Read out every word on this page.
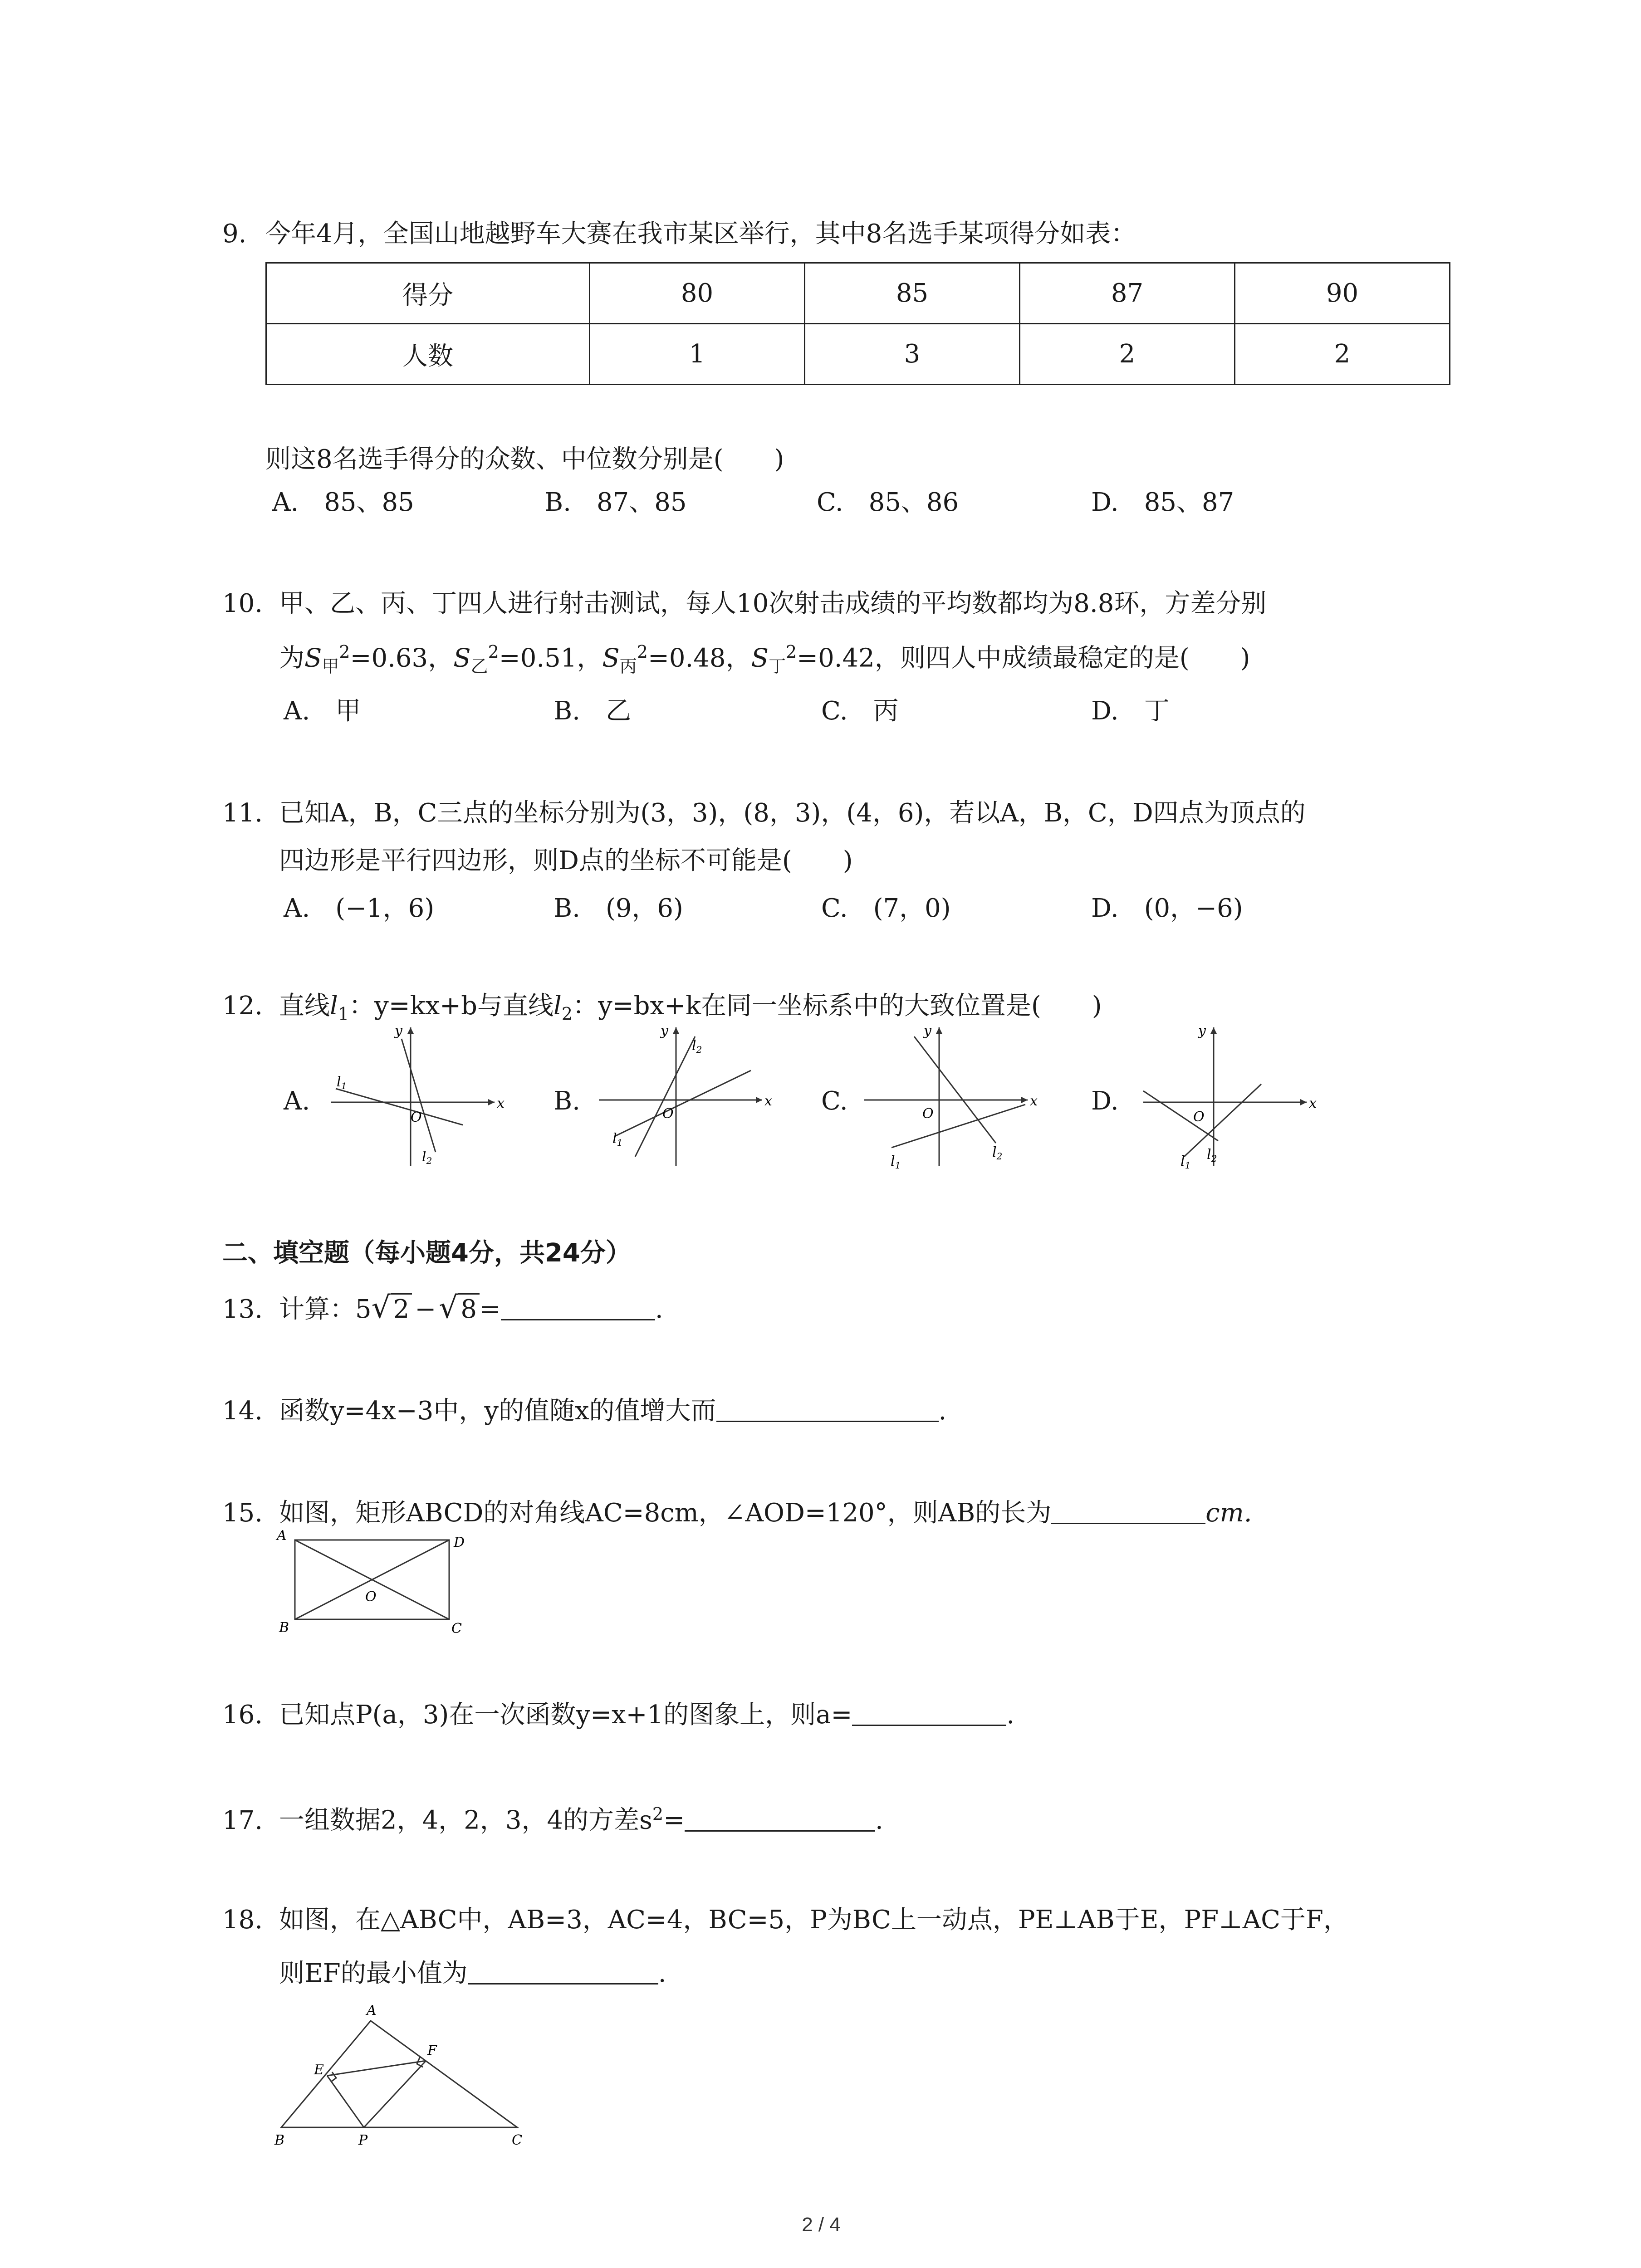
9. 今年4月，全国山地越野车大赛在我市某区举行，其中8名选手某项得分如表：
得分	80	85	87	90
人数	1	3	2	2
则这8名选手得分的众数、中位数分别是(　　)
A.　85、85	B.　87、85	C.　85、86	D.　85、87
10. 甲、乙、丙、丁四人进行射击测试，每人10次射击成绩的平均数都均为8.8环，方差分别
为$S_甲^2=0.63$，$S_乙^2=0.51$，$S_丙^2=0.48$，$S_丁^2=0.42$，则四人中成绩最稳定的是(　　)
A.　甲	B.　乙	C.　丙	D.　丁
11. 已知A，B，C三点的坐标分别为(3，3)，(8，3)，(4，6)，若以A，B，C，D四点为顶点的
四边形是平行四边形，则D点的坐标不可能是(　　)
A.　(−1，6)	B.　(9，6)	C.　(7，0)	D.　(0，−6)
12. 直线$l_1$：y=kx+b与直线$l_2$：y=bx+k在同一坐标系中的大致位置是(　　)
A.	B.	C.	D.
x
y
O
$l_1$
$l_2$
x
y
O
$l_1$
$l_2$
x
y
O
$l_1$
$l_2$
x
y
O
$l_1$
$l_2$
二、填空题（每小题4分，共24分）
13. 计算：5√ 2 −√ 8 =	.
14. 函数y=4x−3中，y的值随x的值增大而	.
15. 如图，矩形ABCD的对角线AC=8cm，∠AOD=120°，则AB的长为	cm.
A	D
B	C
O
16. 已知点P(a，3)在一次函数y=x+1的图象上，则a=	.
17. 一组数据2，4，2，3，4的方差$s^2=$	.
18. 如图，在△ABC中，AB=3，AC=4，BC=5，P为BC上一动点，PE⊥AB于E，PF⊥AC于F，
则EF的最小值为	.
A
B	C
E
F
P
2 / 4
